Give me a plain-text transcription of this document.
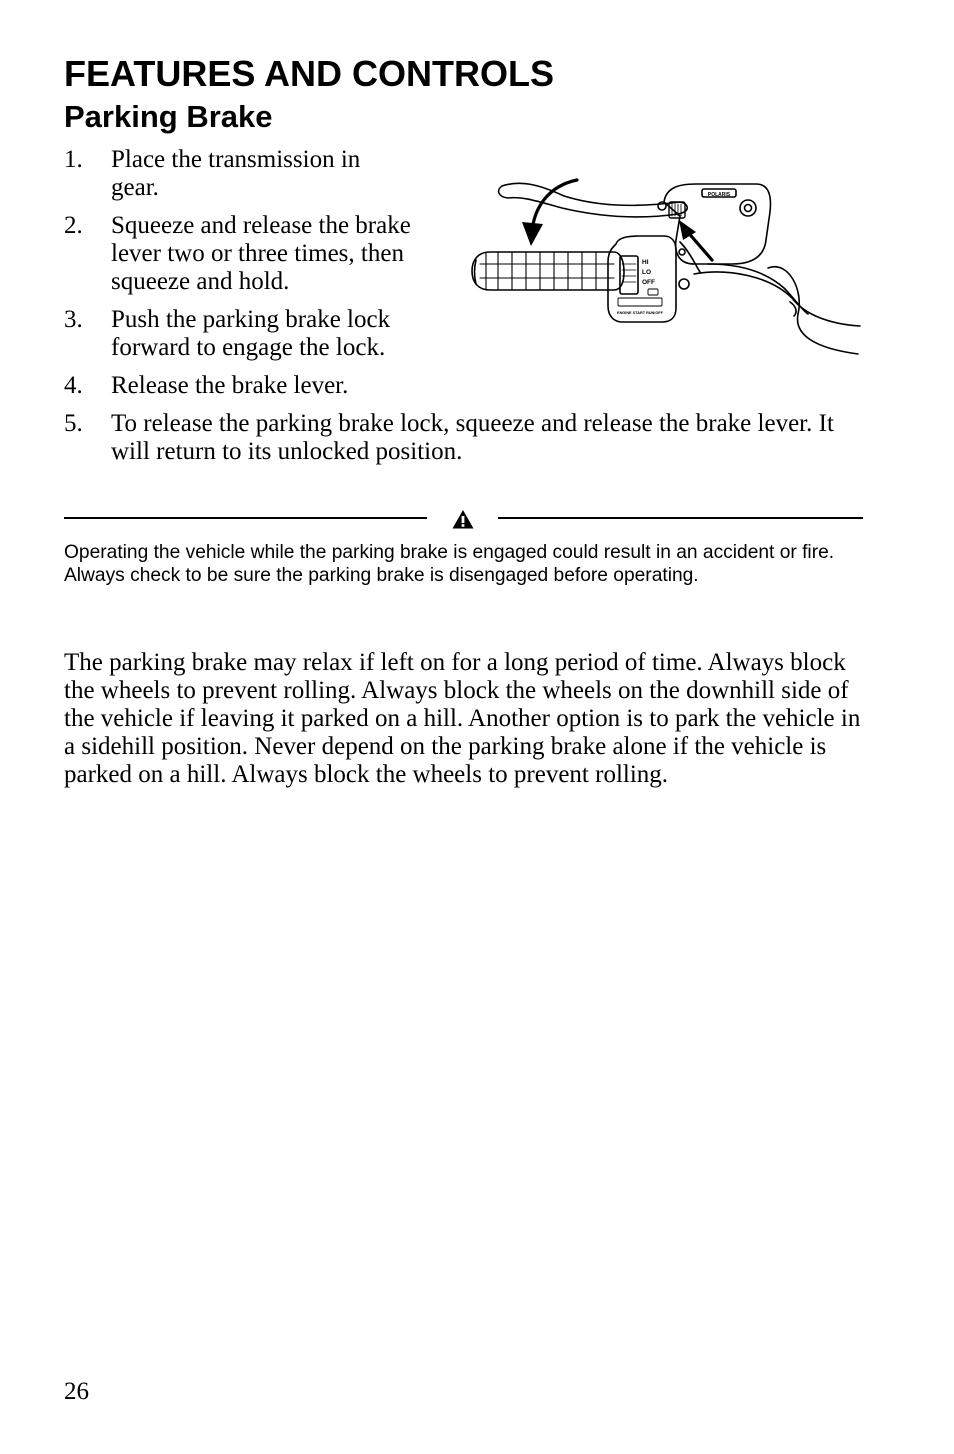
FEATURES AND CONTROLS
Parking Brake
1. Place the transmission in gear.
2. Squeeze and release the brake lever two or three times, then squeeze and hold.
3. Push the parking brake lock forward to engage the lock.
4. Release the brake lever.
5. To release the parking brake lock, squeeze and release the brake lever. It will return to its unlocked position.
POLARIS
HI
LO
OFF
ENGINE START RUN/OFF

Operating the vehicle while the parking brake is engaged could result in an accident or fire. Always check to be sure the parking brake is disengaged before operating.

The parking brake may relax if left on for a long period of time. Always block the wheels to prevent rolling. Always block the wheels on the downhill side of the vehicle if leaving it parked on a hill. Another option is to park the vehicle in a sidehill position. Never depend on the parking brake alone if the vehicle is parked on a hill. Always block the wheels to prevent rolling.

26
